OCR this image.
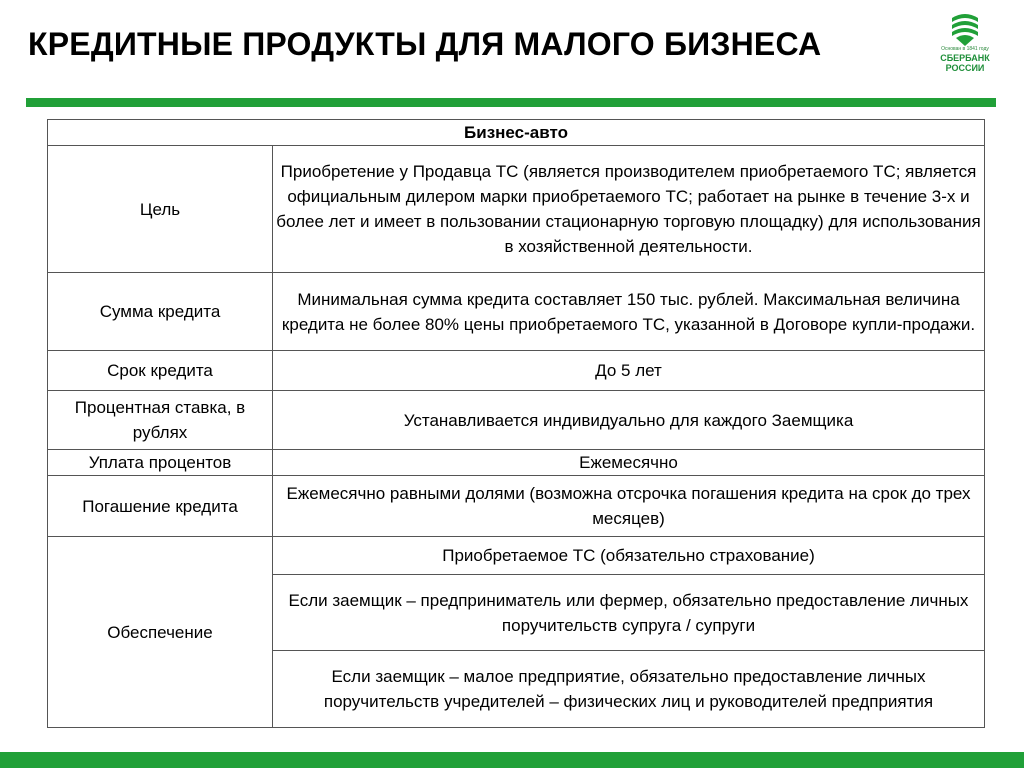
КРЕДИТНЫЕ ПРОДУКТЫ ДЛЯ МАЛОГО БИЗНЕСА	Основан в 1841 году
СБЕРБАНК
РОССИИ
Бизнес-авто	
Цель	Приобретение у Продавца ТС (является производителем приобретаемого ТС; является официальным дилером марки приобретаемого ТС; работает на рынке в течение 3-х и более лет и имеет в пользовании стационарную торговую площадку) для использования в хозяйственной деятельности.
Сумма кредита	Минимальная сумма кредита составляет 150 тыс. рублей. Максимальная величина кредита не более 80% цены приобретаемого ТС, указанной в Договоре купли-продажи.
Срок кредита	До 5 лет
Процентная ставка, в рублях	Устанавливается индивидуально для каждого Заемщика
Уплата процентов	Ежемесячно
Погашение кредита	Ежемесячно равными долями (возможна отсрочка погашения кредита на срок до трех месяцев)
Обеспечение	Приобретаемое ТС (обязательно страхование)
	Если заемщик – предприниматель или фермер, обязательно предоставление личных поручительств супруга / супруги
	Если заемщик – малое предприятие, обязательно предоставление личных поручительств учредителей – физических лиц и руководителей предприятия
